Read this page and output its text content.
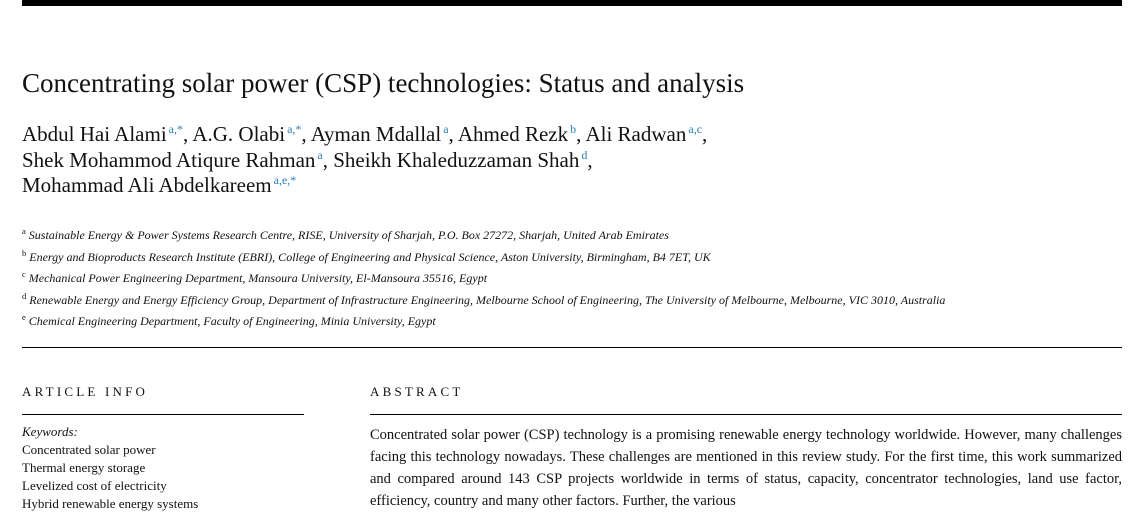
Concentrating solar power (CSP) technologies: Status and analysis
Abdul Hai Alami $^{a,*}$, A.G. Olabi $^{a,*}$, Ayman Mdallal $^a$, Ahmed Rezk $^b$, Ali Radwan $^{a,c}$,
Shek Mohammod Atiqure Rahman $^a$, Sheikh Khaleduzzaman Shah $^d$,
Mohammad Ali Abdelkareem $^{a,e,*}$
$^a$ Sustainable Energy & Power Systems Research Centre, RISE, University of Sharjah, P.O. Box 27272, Sharjah, United Arab Emirates
$^b$ Energy and Bioproducts Research Institute (EBRI), College of Engineering and Physical Science, Aston University, Birmingham, B4 7ET, UK
$^c$ Mechanical Power Engineering Department, Mansoura University, El-Mansoura 35516, Egypt
$^d$ Renewable Energy and Energy Efficiency Group, Department of Infrastructure Engineering, Melbourne School of Engineering, The University of Melbourne, Melbourne, VIC 3010, Australia
$^e$ Chemical Engineering Department, Faculty of Engineering, Minia University, Egypt
ARTICLE INFO	ABSTRACT
Keywords:
Concentrated solar power
Thermal energy storage
Levelized cost of electricity
Hybrid renewable energy systems
Concentrated solar power (CSP) technology is a promising renewable energy technology worldwide. However, many challenges facing this technology nowadays. These challenges are mentioned in this review study. For the first time, this work summarized and compared around 143 CSP projects worldwide in terms of status, capacity, concentrator technologies, land use factor, efficiency, country and many other factors. Further, the various
